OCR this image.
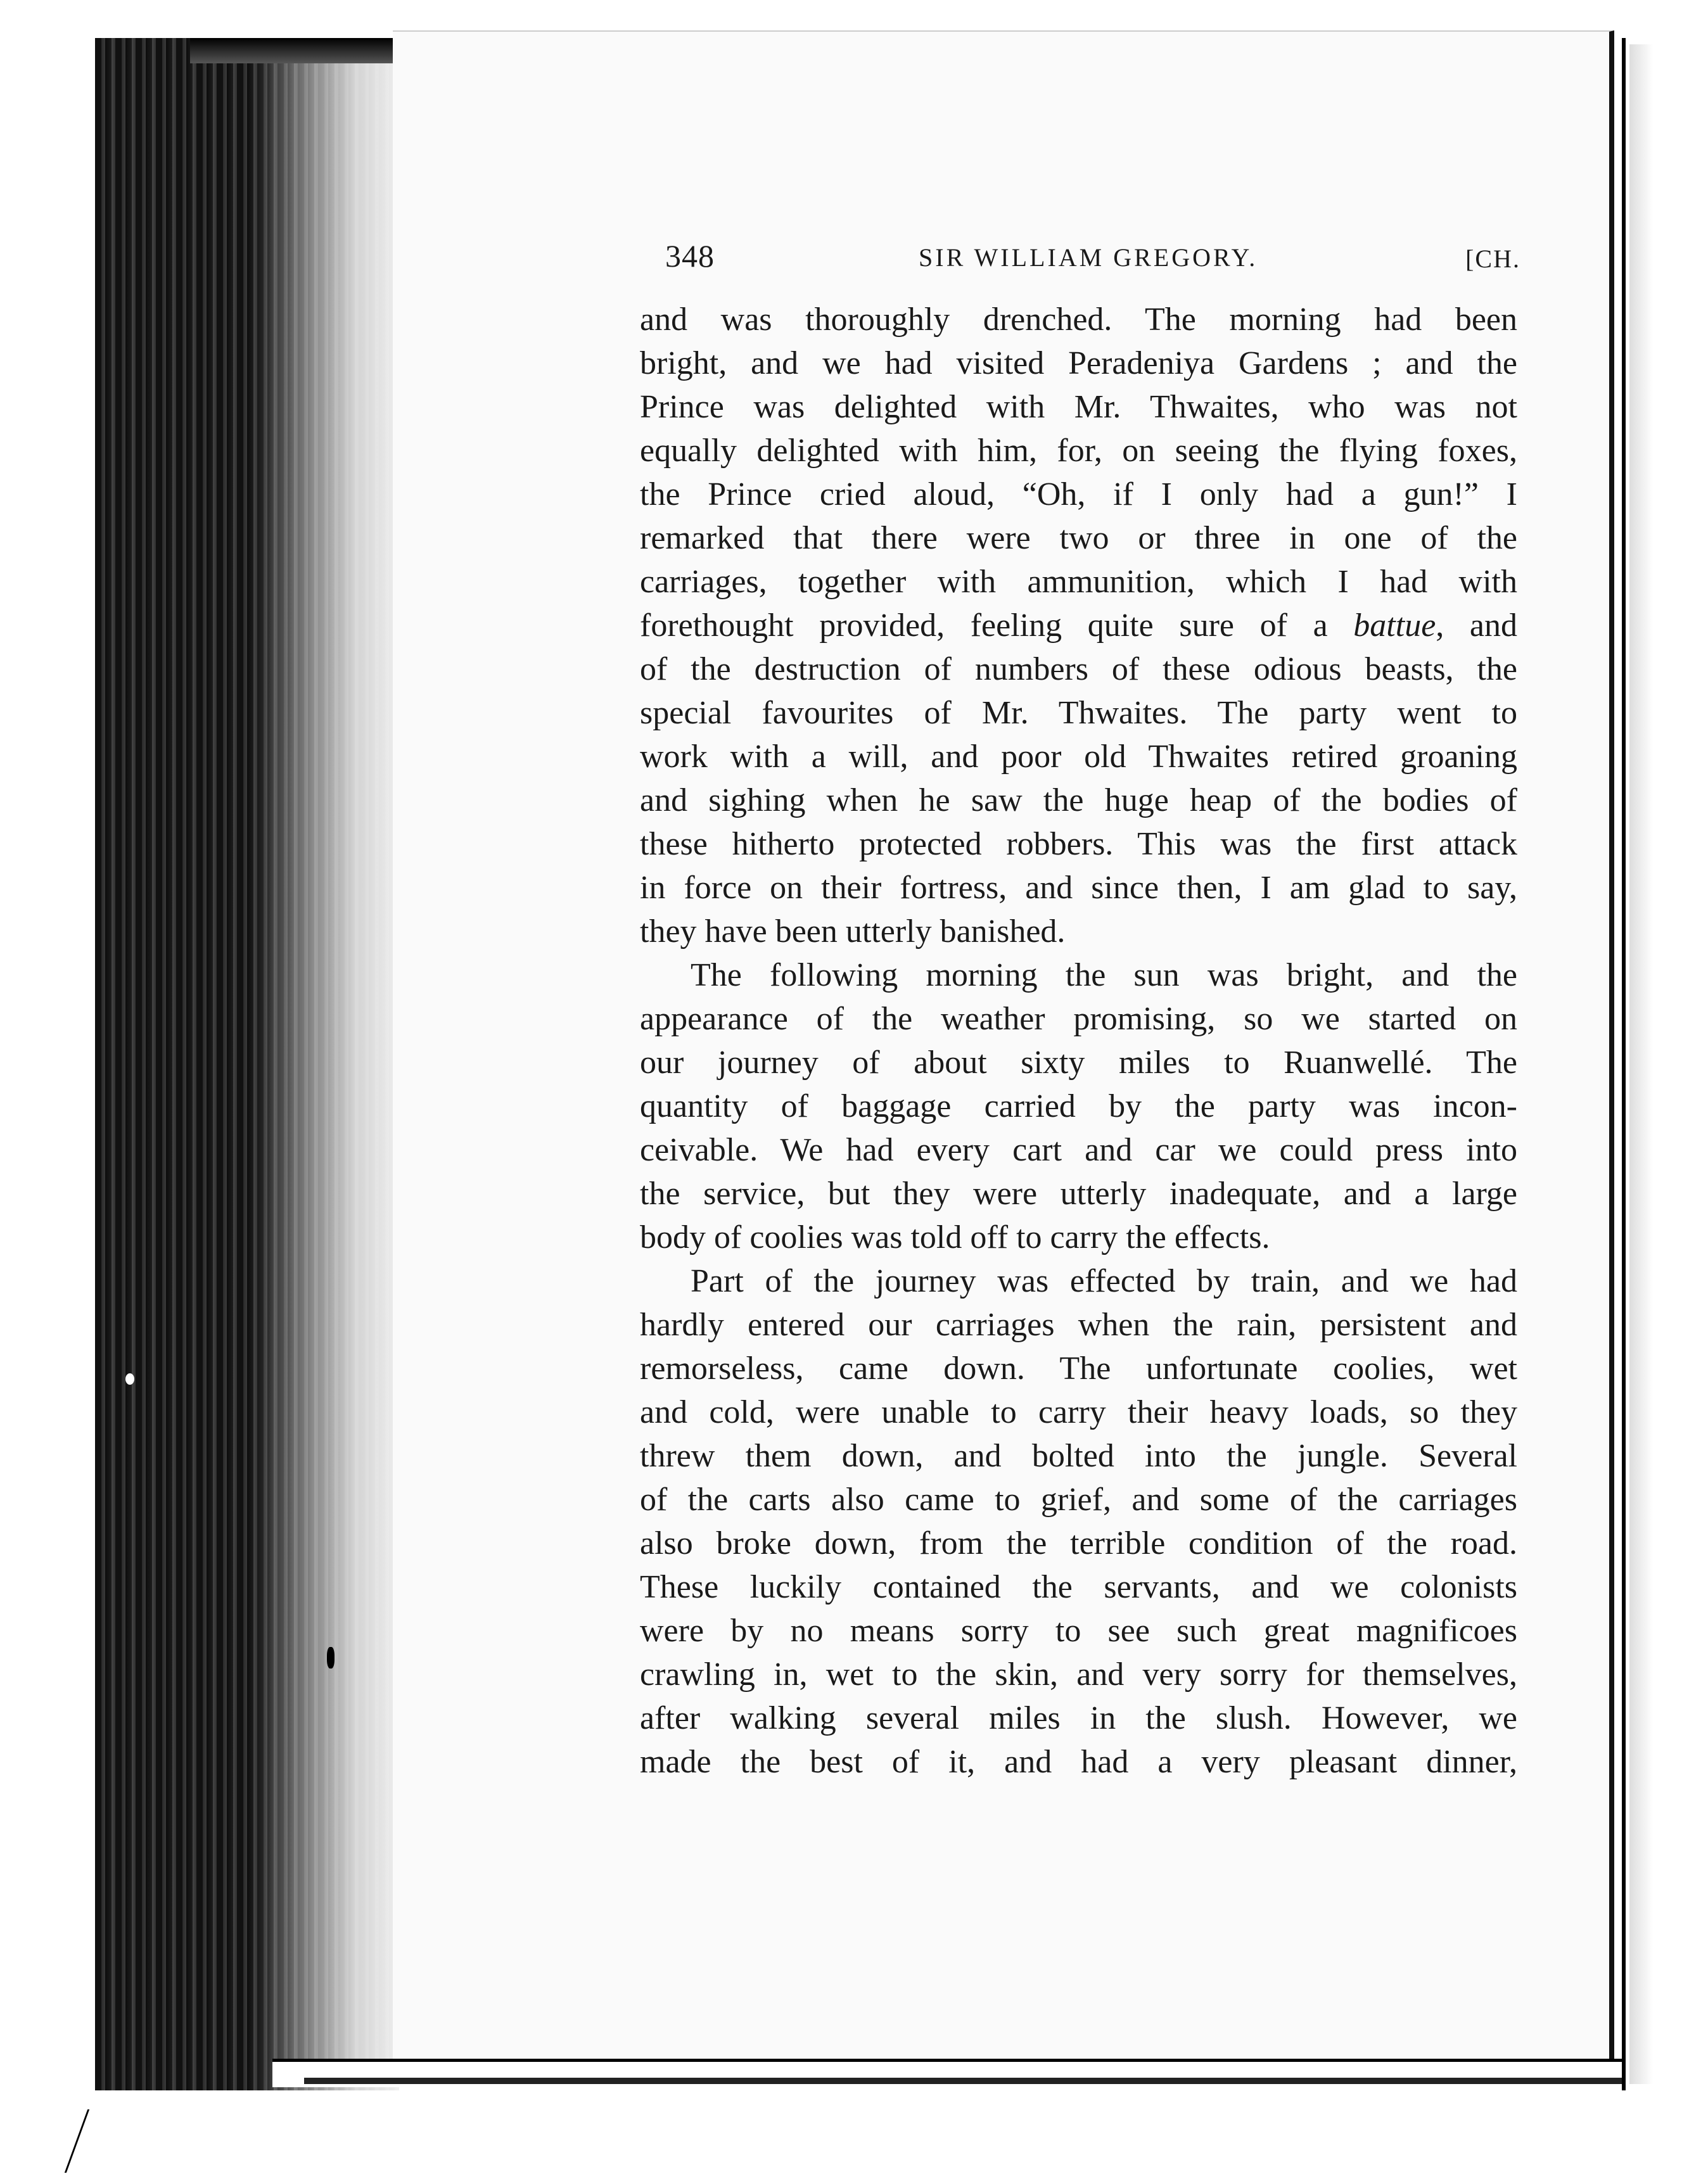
348	SIR WILLIAM GREGORY.	[CH.
and was thoroughly drenched. The morning had been
bright, and we had visited Peradeniya Gardens ; and the
Prince was delighted with Mr. Thwaites, who was not
equally delighted with him, for, on seeing the flying foxes,
the Prince cried aloud, “Oh, if I only had a gun!” I
remarked that there were two or three in one of the
carriages, together with ammunition, which I had with
forethought provided, feeling quite sure of a battue, and
of the destruction of numbers of these odious beasts, the
special favourites of Mr. Thwaites. The party went to
work with a will, and poor old Thwaites retired groaning
and sighing when he saw the huge heap of the bodies of
these hitherto protected robbers. This was the first attack
in force on their fortress, and since then, I am glad to say,
they have been utterly banished.
The following morning the sun was bright, and the
appearance of the weather promising, so we started on
our journey of about sixty miles to Ruanwellé. The
quantity of baggage carried by the party was incon-
ceivable. We had every cart and car we could press into
the service, but they were utterly inadequate, and a large
body of coolies was told off to carry the effects.
Part of the journey was effected by train, and we had
hardly entered our carriages when the rain, persistent and
remorseless, came down. The unfortunate coolies, wet
and cold, were unable to carry their heavy loads, so they
threw them down, and bolted into the jungle. Several
of the carts also came to grief, and some of the carriages
also broke down, from the terrible condition of the road.
These luckily contained the servants, and we colonists
were by no means sorry to see such great magnificoes
crawling in, wet to the skin, and very sorry for themselves,
after walking several miles in the slush. However, we
made the best of it, and had a very pleasant dinner,
